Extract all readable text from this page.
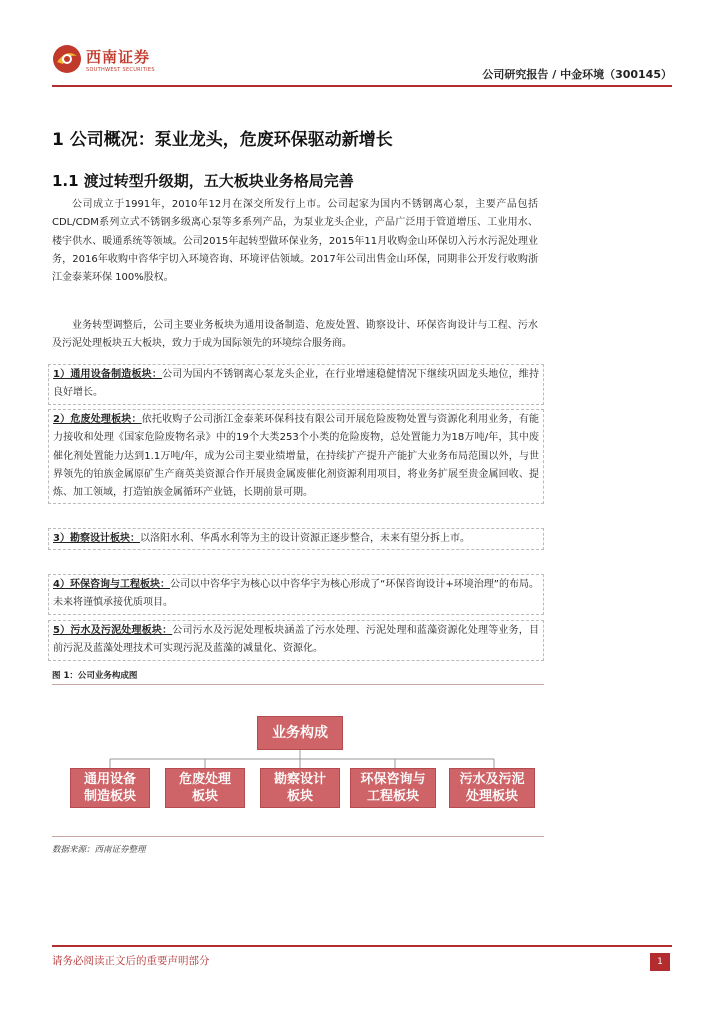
西南证券
SOUTHWEST SECURITIES	公司研究报告 / 中金环境（300145）
1 公司概况：泵业龙头，危废环保驱动新增长
1.1 渡过转型升级期，五大板块业务格局完善
公司成立于1991年，2010年12月在深交所发行上市。公司起家为国内不锈钢离心泵，主要产品包括CDL/CDM系列立式不锈钢多级离心泵等多系列产品，为泵业龙头企业，产品广泛用于管道增压、工业用水、楼宇供水、暖通系统等领域。公司2015年起转型做环保业务，2015年11月收购金山环保切入污水污泥处理业务，2016年收购中咨华宇切入环境咨询、环境评估领域。2017年公司出售金山环保，同期非公开发行收购浙江金泰莱环保 100%股权。
业务转型调整后，公司主要业务板块为通用设备制造、危废处置、勘察设计、环保咨询设计与工程、污水及污泥处理板块五大板块，致力于成为国际领先的环境综合服务商。
1）通用设备制造板块：公司为国内不锈钢离心泵龙头企业，在行业增速稳健情况下继续巩固龙头地位，维持良好增长。
2）危废处理板块：依托收购子公司浙江金泰莱环保科技有限公司开展危险废物处置与资源化利用业务，有能力接收和处理《国家危险废物名录》中的19个大类253个小类的危险废物，总处置能力为18万吨/年，其中废催化剂处置能力达到1.1万吨/年，成为公司主要业绩增量，在持续扩产提升产能扩大业务布局范围以外，与世界领先的铂族金属原矿生产商英美资源合作开展贵金属废催化剂资源利用项目，将业务扩展至贵金属回收、提炼、加工领域，打造铂族金属循环产业链，长期前景可期。
3）勘察设计板块：以洛阳水利、华禹水利等为主的设计资源正逐步整合，未来有望分拆上市。
4）环保咨询与工程板块：公司以中咨华宇为核心以中咨华宇为核心形成了“环保咨询设计+环境治理”的布局。未来将谨慎承接优质项目。
5）污水及污泥处理板块：公司污水及污泥处理板块涵盖了污水处理、污泥处理和蓝藻资源化处理等业务，目前污泥及蓝藻处理技术可实现污泥及蓝藻的减量化、资源化。
图 1：公司业务构成图
业务构成
通用设备
制造板块
危废处理
板块
勘察设计
板块
环保咨询与
工程板块
污水及污泥
处理板块
数据来源：西南证券整理
请务必阅读正文后的重要声明部分	1
